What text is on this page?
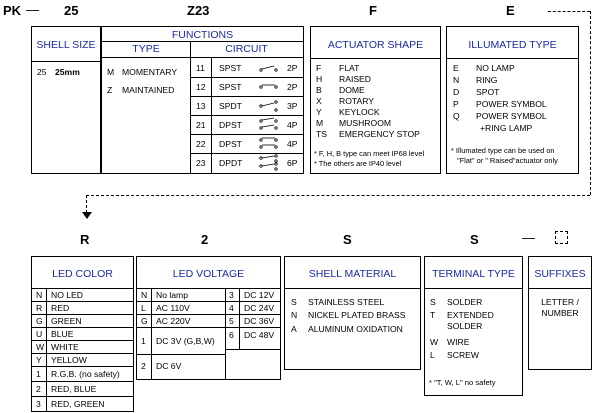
PK — 25	Z23	F	E
SHELL SIZE
25 25mm
FUNCTIONS
TYPE	CIRCUIT
M MOMENTARY
Z MAINTAINED
11 SPST	2P
12 SPST	2P
13 SPDT	3P
21 DPST	4P
22 DPST	4P
23 DPDT	6P
ACTUATOR SHAPE
F FLAT
H RAISED
B DOME
X ROTARY
Y KEYLOCK
M MUSHROOM
TS EMERGENCY STOP
* F, H, B type can meet IP68 level
* The others are IP40 level
ILLUMATED TYPE
E NO LAMP
N RING
D SPOT
P POWER SYMBOL
Q POWER SYMBOL
+RING LAMP
* Illumated type can be used on
"Flat" or " Raised"actuator only
R	2	S	S	—
LED COLOR
N NO LED
R RED
G GREEN
U BLUE
W WHITE
Y YELLOW
1 R.G.B. (no safety)
2 RED, BLUE
3 RED, GREEN
LED VOLTAGE
N No lamp
L AC 110V
G AC 220V
1 DC 3V (G,B,W)
2 DC 6V
3 DC 12V
4 DC 24V
5 DC 36V
6 DC 48V
SHELL MATERIAL
S STAINLESS STEEL
N NICKEL PLATED BRASS
A ALUMINUM OXIDATION
TERMINAL TYPE
S SOLDER
T EXTENDED
SOLDER
W WIRE
L SCREW
* "T, W, L" no safety
SUFFIXES
LETTER /
NUMBER
